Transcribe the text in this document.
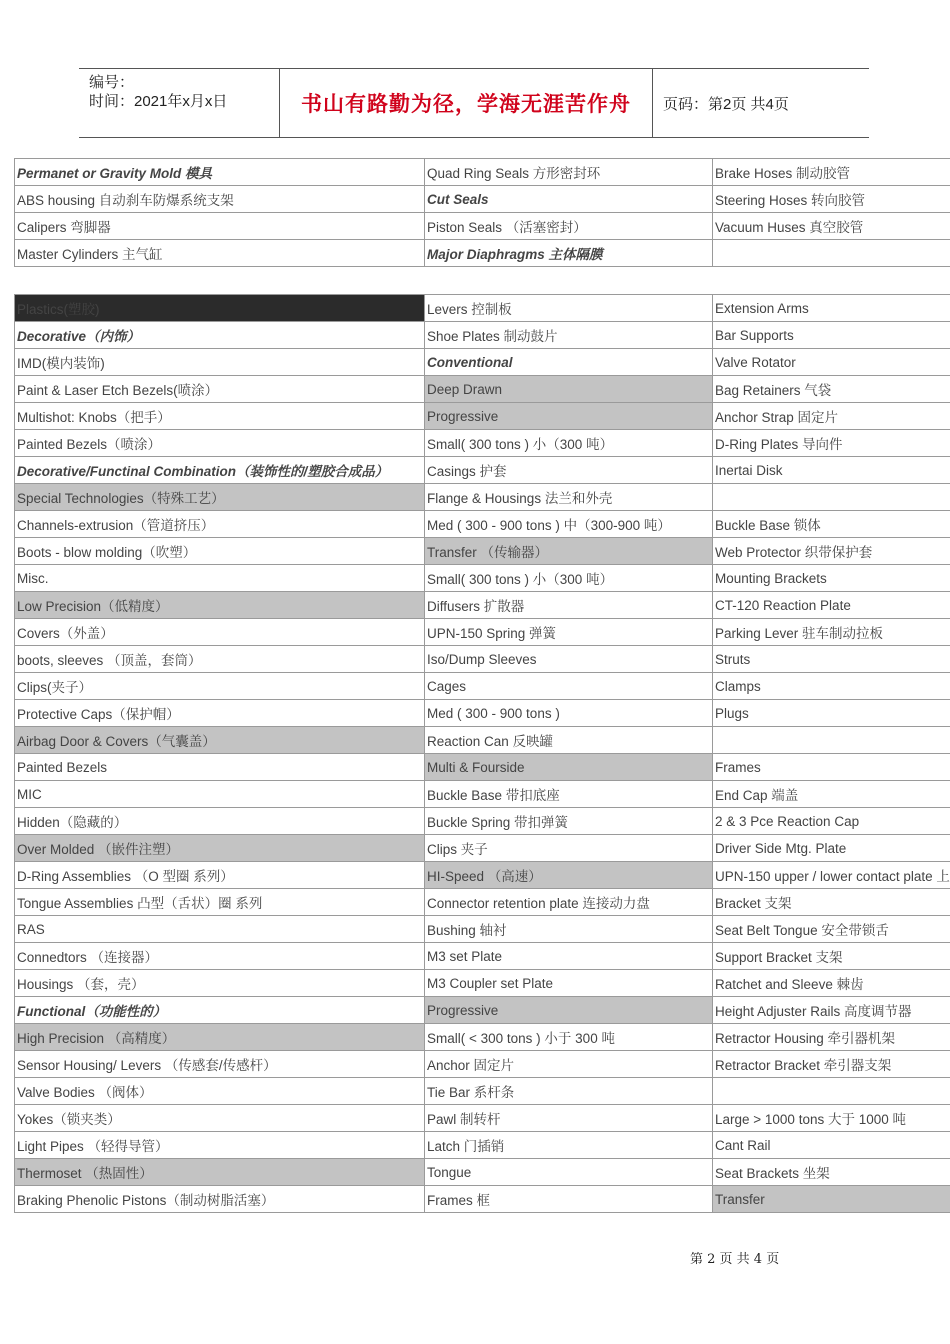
编号：
时间：2021年x月x日	书山有路勤为径，学海无涯苦作舟	页码：第2页 共4页
Permanet or Gravity Mold 模具	Quad Ring Seals 方形密封环	Brake Hoses 制动胶管
ABS housing 自动刹车防爆系统支架	Cut Seals	Steering Hoses 转向胶管
Calipers 弯脚器	Piston Seals （活塞密封）	Vacuum Huses 真空胶管
Master Cylinders 主气缸	Major Diaphragms 主体隔膜	
Plastics(塑胶)	Levers 控制板	Extension Arms
Decorative（内饰）	Shoe Plates 制动鼓片	Bar Supports
IMD(模内装饰)	Conventional	Valve Rotator
Paint & Laser Etch Bezels(喷涂）	Deep Drawn	Bag Retainers 气袋
Multishot: Knobs（把手）	Progressive	Anchor Strap 固定片
Painted Bezels（喷涂）	Small( 300 tons ) 小（300 吨）	D-Ring Plates 导向件
Decorative/Functinal Combination（装饰性的/塑胶合成品）	Casings 护套	Inertai Disk
Special Technologies（特殊工艺）	Flange & Housings 法兰和外壳	
Channels-extrusion（管道挤压）	Med ( 300 - 900 tons ) 中（300-900 吨）	Buckle Base 锁体
Boots - blow molding（吹塑）	Transfer （传输器）	Web Protector 织带保护套
Misc.	Small( 300 tons ) 小（300 吨）	Mounting Brackets
Low Precision（低精度）	Diffusers 扩散器	CT-120 Reaction Plate
Covers（外盖）	UPN-150 Spring 弹簧	Parking Lever 驻车制动拉板
boots, sleeves （顶盖，套筒）	Iso/Dump Sleeves	Struts
Clips(夹子）	Cages	Clamps
Protective Caps（保护帽）	Med ( 300 - 900 tons )	Plugs
Airbag Door & Covers（气囊盖）	Reaction Can 反映罐	
Painted Bezels	Multi & Fourside	Frames
MIC	Buckle Base 带扣底座	End Cap 端盖
Hidden（隐藏的）	Buckle Spring 带扣弹簧	2 & 3 Pce Reaction Cap
Over Molded （嵌件注塑）	Clips 夹子	Driver Side Mtg. Plate
D-Ring Assemblies （O 型圈 系列）	HI-Speed （高速）	UPN-150 upper / lower contact plate 上
Tongue Assemblies 凸型（舌状）圈 系列	Connector retention plate 连接动力盘	Bracket 支架
RAS	Bushing 轴衬	Seat Belt Tongue 安全带锁舌
Connedtors （连接器）	M3 set Plate	Support Bracket 支架
Housings （套，壳）	M3 Coupler set Plate	Ratchet and Sleeve 棘齿
Functional（功能性的）	Progressive	Height Adjuster Rails 高度调节器
High Precision （高精度）	Small( < 300 tons ) 小于 300 吨	Retractor Housing 牵引器机架
Sensor Housing/ Levers （传感套/传感杆）	Anchor 固定片	Retractor Bracket 牵引器支架
Valve Bodies （阀体）	Tie Bar 系杆条	
Yokes（锁夹类）	Pawl 制转杆	Large > 1000 tons 大于 1000 吨
Light Pipes （轻得导管）	Latch 门插销	Cant Rail
Thermoset （热固性）	Tongue	Seat Brackets 坐架
Braking Phenolic Pistons（制动树脂活塞）	Frames 框	Transfer
第 2 页 共 4 页
